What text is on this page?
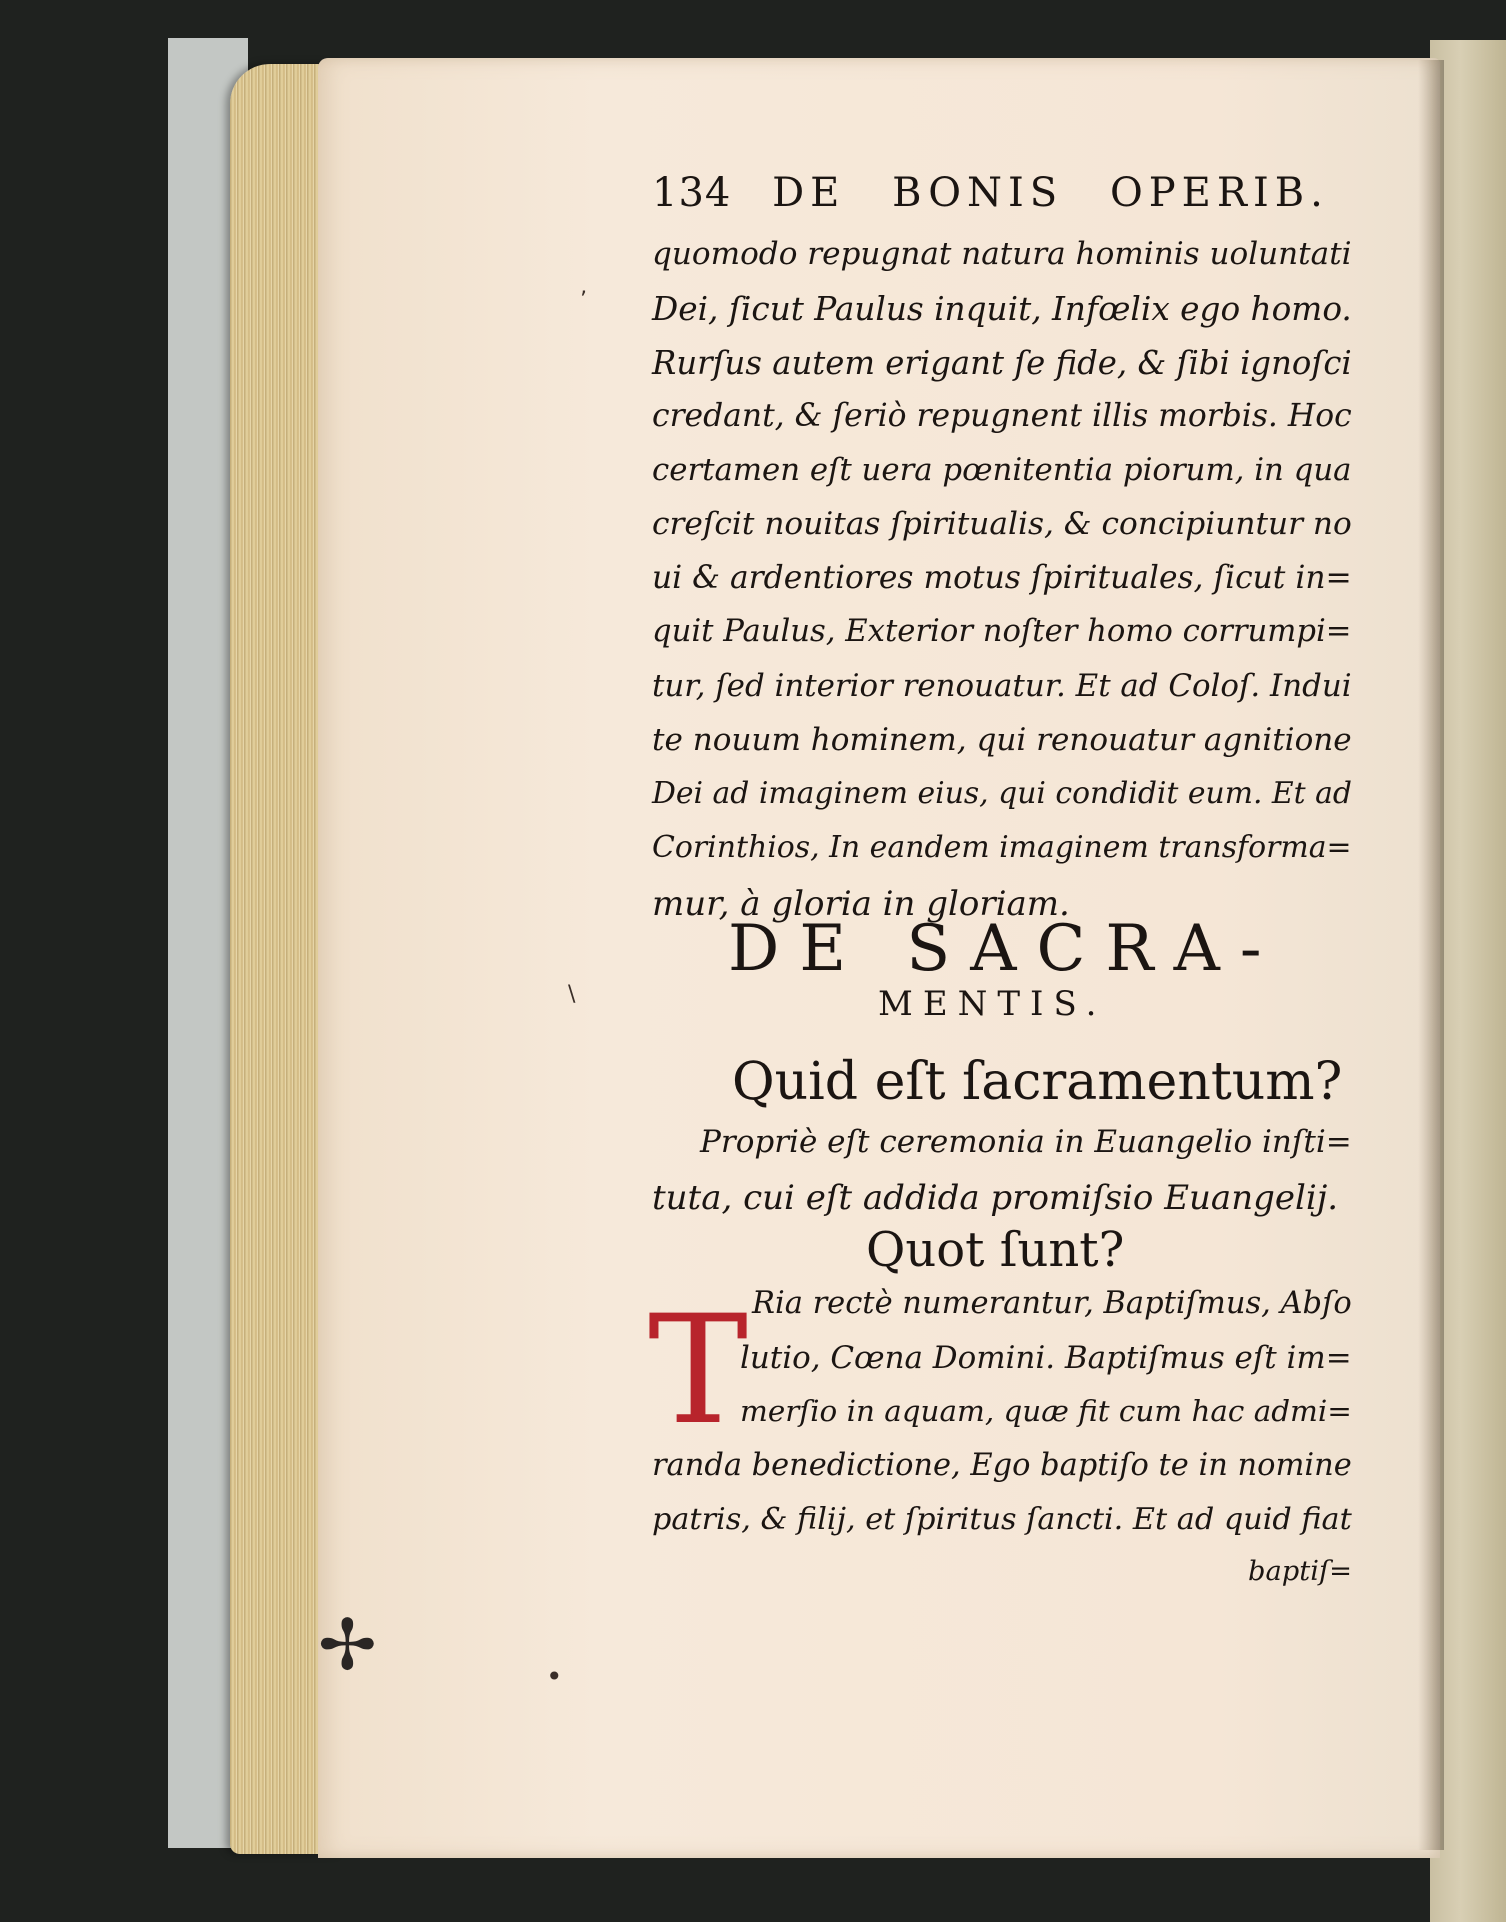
134 DE BONIS OPERIB.

quomodo repugnat natura hominis uoluntati

Dei, ſicut Paulus inquit, Infœlix ego homo.

Rurſus autem erigant ſe fide, & ſibi ignoſci

credant, & ſeriò repugnent illis morbis. Hoc

certamen eſt uera pœnitentia piorum, in qua

creſcit nouitas ſpiritualis, & concipiuntur no

ui & ardentiores motus ſpirituales, ſicut in=

quit Paulus, Exterior noſter homo corrumpi=

tur, ſed interior renouatur. Et ad Coloſ. Indui

te nouum hominem, qui renouatur agnitione

Dei ad imaginem eius, qui condidit eum. Et ad

Corinthios, In eandem imaginem transforma=

mur, à gloria in gloriam.

DE SACRA-

MENTIS.

Quid eſt ſacramentum?

Propriè eſt ceremonia in Euangelio inſti=

tuta, cui eſt addida promiſsio Euangelij.

Quot ſunt?

T Ria rectè numerantur, Baptiſmus, Abſo

lutio, Cœna Domini. Baptiſmus eſt im=

merſio in aquam, quæ fit cum hac admi=

randa benedictione, Ego baptiſo te in nomine

patris, & filij, et ſpiritus ſancti. Et ad quid fiat

baptiſ=

’
\
•
✢
